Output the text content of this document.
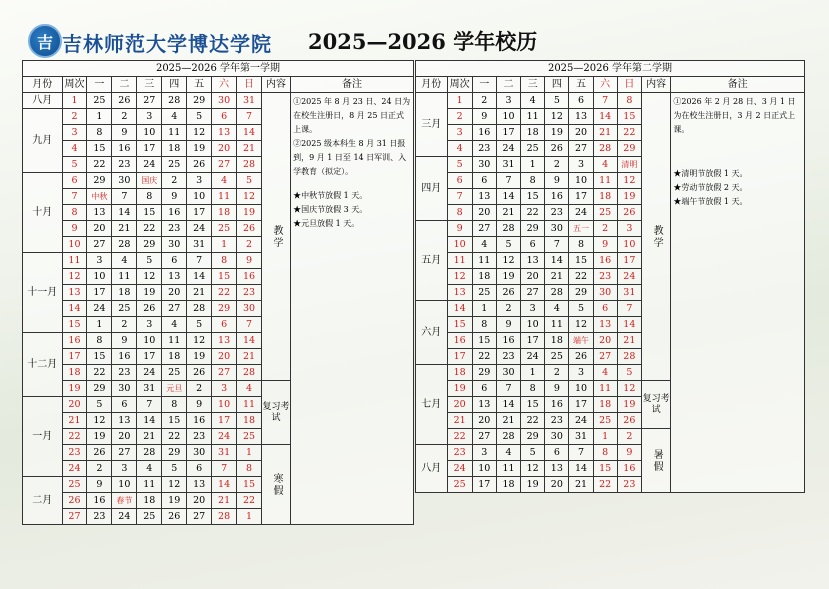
吉 吉林师范大学博达学院 2025—2026 学年校历
2025—2026 学年第一学期										
月份	周次	一	二	三	四	五	六	日	内容	备注
八月	1	25	26	27	28	29	30	31	教学	①2025 年 8 月 23 日、24 日为在校生注册日，8 月 25 日正式上课。
②2025 级本科生 8 月 31 日报到，9 月 1 日至 14 日军训、入学教育（拟定）。
★中秋节放假 1 天。
★国庆节放假 3 天。
★元旦放假 1 天。

九月	2	1	2	3	4	5	6	7		
	3	8	9	10	11	12	13	14		
	4	15	16	17	18	19	20	21		
	5	22	23	24	25	26	27	28		
十月	6	29	30	国庆	2	3	4	5		
	7	中秋	7	8	9	10	11	12		
	8	13	14	15	16	17	18	19		
	9	20	21	22	23	24	25	26		
	10	27	28	29	30	31	1	2		
十一月	11	3	4	5	6	7	8	9		
	12	10	11	12	13	14	15	16		
	13	17	18	19	20	21	22	23		
	14	24	25	26	27	28	29	30		
	15	1	2	3	4	5	6	7		
十二月	16	8	9	10	11	12	13	14		
	17	15	16	17	18	19	20	21		
	18	22	23	24	25	26	27	28		
	19	29	30	31	元旦	2	3	4	复习考试	
一月	20	5	6	7	8	9	10	11		
	21	12	13	14	15	16	17	18		
	22	19	20	21	22	23	24	25		
	23	26	27	28	29	30	31	1	寒假	
	24	2	3	4	5	6	7	8		
二月	25	9	10	11	12	13	14	15		
	26	16	春节	18	19	20	21	22		
	27	23	24	25	26	27	28	1		
2025—2026 学年第二学期										
月份	周次	一	二	三	四	五	六	日	内容	备注
三月	1	2	3	4	5	6	7	8	教学	①2026 年 2 月 28 日、3 月 1 日为在校生注册日，3 月 2 日正式上课。
★清明节放假 1 天。
★劳动节放假 2 天。
★端午节放假 1 天。

	2	9	10	11	12	13	14	15		
	3	16	17	18	19	20	21	22		
	4	23	24	25	26	27	28	29		
四月	5	30	31	1	2	3	4	清明		
	6	6	7	8	9	10	11	12		
	7	13	14	15	16	17	18	19		
	8	20	21	22	23	24	25	26		
五月	9	27	28	29	30	五一	2	3		
	10	4	5	6	7	8	9	10		
	11	11	12	13	14	15	16	17		
	12	18	19	20	21	22	23	24		
	13	25	26	27	28	29	30	31		
六月	14	1	2	3	4	5	6	7		
	15	8	9	10	11	12	13	14		
	16	15	16	17	18	端午	20	21		
	17	22	23	24	25	26	27	28		
七月	18	29	30	1	2	3	4	5		
	19	6	7	8	9	10	11	12	复习考试	
	20	13	14	15	16	17	18	19		
	21	20	21	22	23	24	25	26		
	22	27	28	29	30	31	1	2	暑假	
八月	23	3	4	5	6	7	8	9		
	24	10	11	12	13	14	15	16		
	25	17	18	19	20	21	22	23		
